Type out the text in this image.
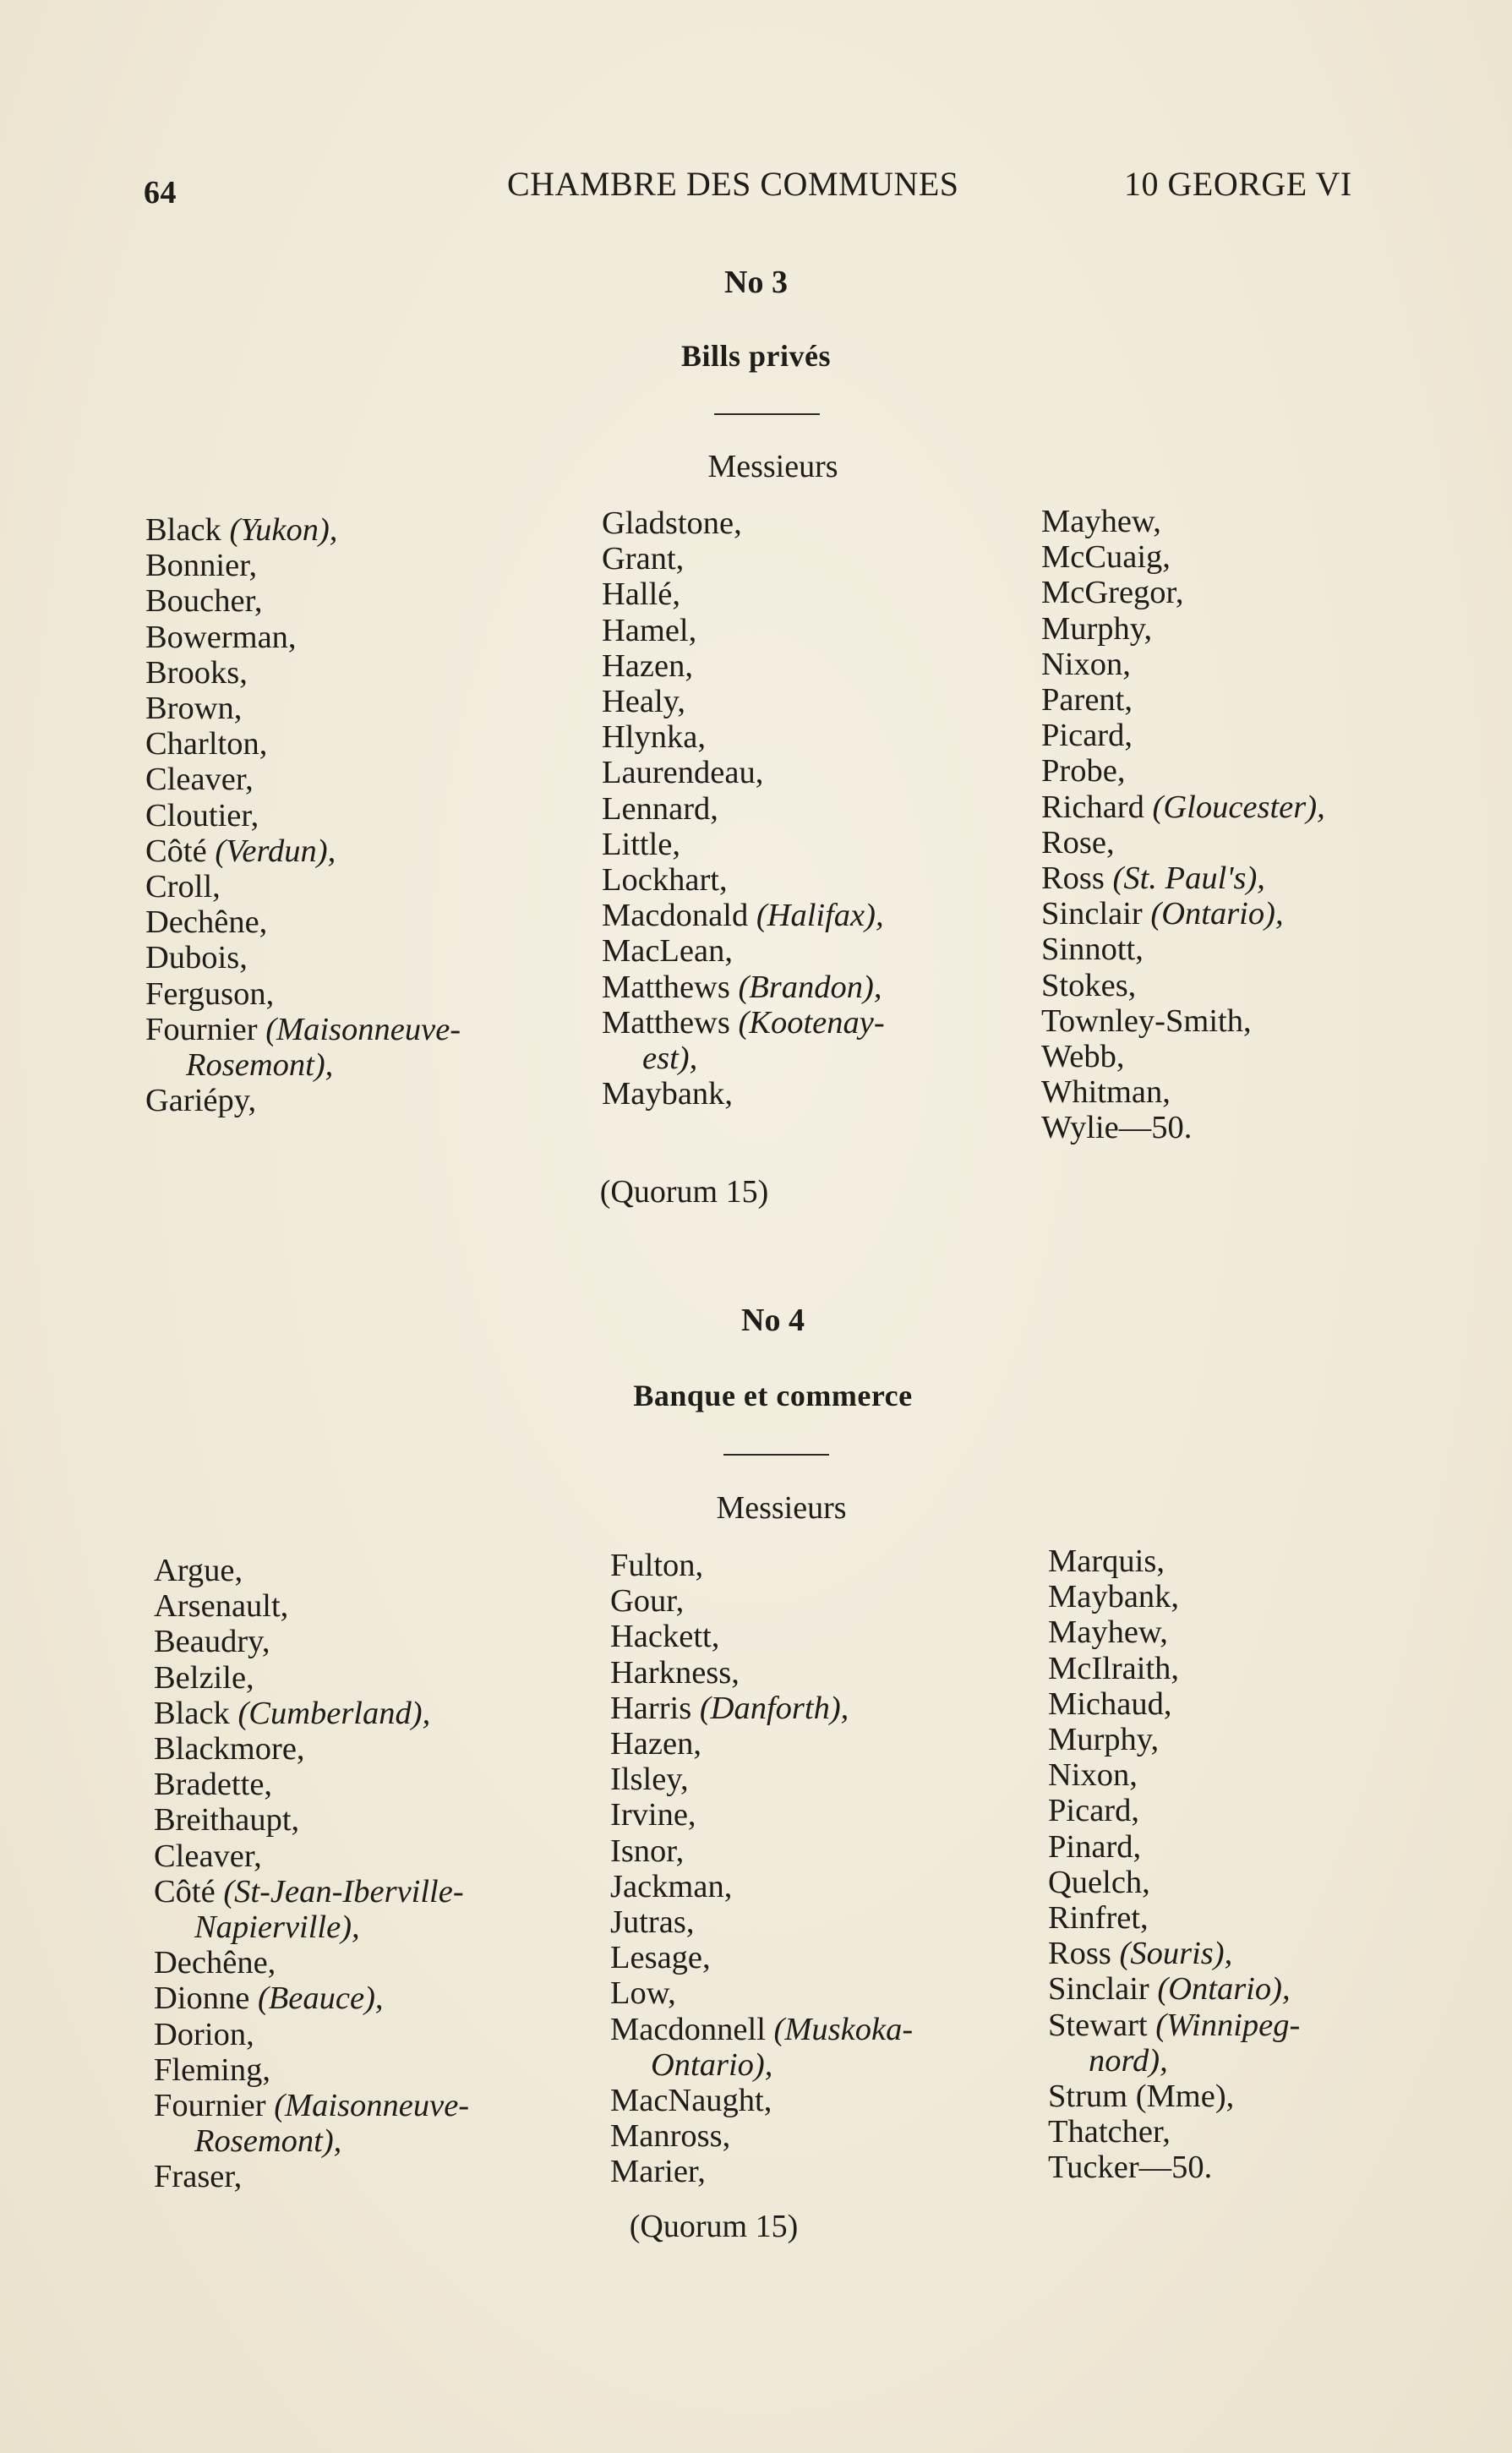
64	CHAMBRE DES COMMUNES	10 GEORGE VI
No 3
Bills privés
Messieurs
Black (Yukon),
Bonnier,
Boucher,
Bowerman,
Brooks,
Brown,
Charlton,
Cleaver,
Cloutier,
Côté (Verdun),
Croll,
Dechêne,
Dubois,
Ferguson,
Fournier (Maisonneuve-
Rosemont),
Gariépy,
Gladstone,
Grant,
Hallé,
Hamel,
Hazen,
Healy,
Hlynka,
Laurendeau,
Lennard,
Little,
Lockhart,
Macdonald (Halifax),
MacLean,
Matthews (Brandon),
Matthews (Kootenay-
est),
Maybank,
Mayhew,
McCuaig,
McGregor,
Murphy,
Nixon,
Parent,
Picard,
Probe,
Richard (Gloucester),
Rose,
Ross (St. Paul's),
Sinclair (Ontario),
Sinnott,
Stokes,
Townley-Smith,
Webb,
Whitman,
Wylie—50.
(Quorum 15)
No 4
Banque et commerce
Messieurs
Argue,
Arsenault,
Beaudry,
Belzile,
Black (Cumberland),
Blackmore,
Bradette,
Breithaupt,
Cleaver,
Côté (St-Jean-Iberville-
Napierville),
Dechêne,
Dionne (Beauce),
Dorion,
Fleming,
Fournier (Maisonneuve-
Rosemont),
Fraser,
Fulton,
Gour,
Hackett,
Harkness,
Harris (Danforth),
Hazen,
Ilsley,
Irvine,
Isnor,
Jackman,
Jutras,
Lesage,
Low,
Macdonnell (Muskoka-
Ontario),
MacNaught,
Manross,
Marier,
Marquis,
Maybank,
Mayhew,
McIlraith,
Michaud,
Murphy,
Nixon,
Picard,
Pinard,
Quelch,
Rinfret,
Ross (Souris),
Sinclair (Ontario),
Stewart (Winnipeg-
nord),
Strum (Mme),
Thatcher,
Tucker—50.
(Quorum 15)
